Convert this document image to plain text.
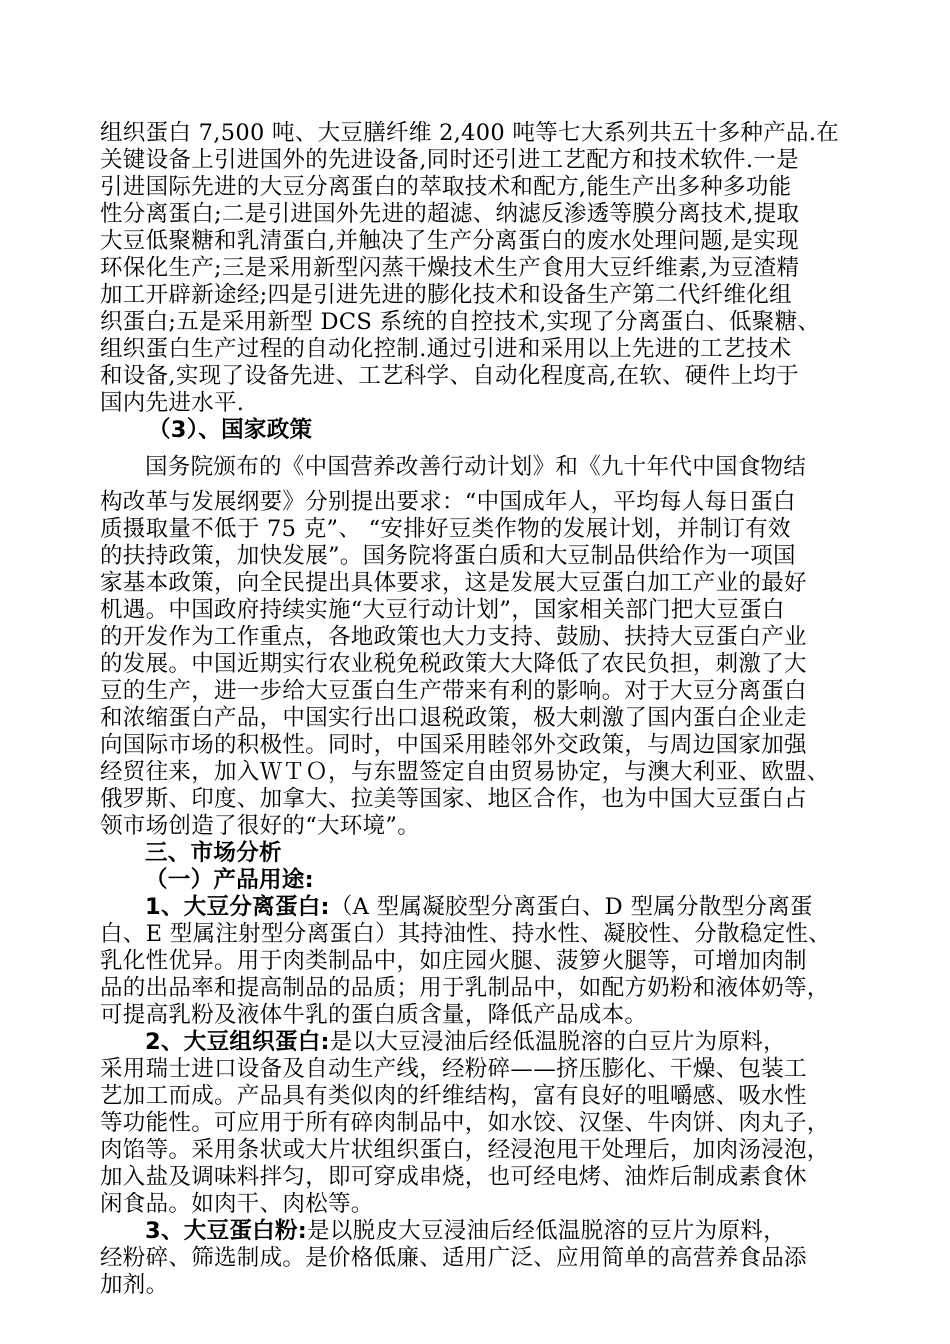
组织蛋白 7,500 吨、大豆膳纤维 2,400 吨等七大系列共五十多种产品.在
关键设备上引进国外的先进设备,同时还引进工艺配方和技术软件.一是
引进国际先进的大豆分离蛋白的萃取技术和配方,能生产出多种多功能
性分离蛋白;二是引进国外先进的超滤、纳滤反渗透等膜分离技术,提取
大豆低聚糖和乳清蛋白,并触决了生产分离蛋白的废水处理问题,是实现
环保化生产;三是采用新型闪蒸干燥技术生产食用大豆纤维素,为豆渣精
加工开辟新途经;四是引进先进的膨化技术和设备生产第二代纤维化组
织蛋白;五是采用新型 DCS 系统的自控技术,实现了分离蛋白、低聚糖、
组织蛋白生产过程的自动化控制.通过引进和采用以上先进的工艺技术
和设备,实现了设备先进、工艺科学、自动化程度高,在软、硬件上均于
国内先进水平.

（3）、国家政策

国务院颁布的《中国营养改善行动计划》和《九十年代中国食物结
构改革与发展纲要》分别提出要求：“中国成年人，平均每人每日蛋白
质摄取量不低于 75 克”、 “安排好豆类作物的发展计划，并制订有效
的扶持政策，加快发展”。国务院将蛋白质和大豆制品供给作为一项国
家基本政策，向全民提出具体要求，这是发展大豆蛋白加工产业的最好
机遇。中国政府持续实施“大豆行动计划”，国家相关部门把大豆蛋白
的开发作为工作重点，各地政策也大力支持、鼓励、扶持大豆蛋白产业
的发展。中国近期实行农业税免税政策大大降低了农民负担，刺激了大
豆的生产，进一步给大豆蛋白生产带来有利的影响。对于大豆分离蛋白
和浓缩蛋白产品，中国实行出口退税政策，极大刺激了国内蛋白企业走
向国际市场的积极性。同时，中国采用睦邻外交政策，与周边国家加强
经贸往来，加入ＷＴＯ，与东盟签定自由贸易协定，与澳大利亚、欧盟、
俄罗斯、印度、加拿大、拉美等国家、地区合作，也为中国大豆蛋白占
领市场创造了很好的“大环境”。

三、市场分析

（一）产品用途:

1、大豆分离蛋白:（A 型属凝胶型分离蛋白、D 型属分散型分离蛋
白、E 型属注射型分离蛋白）其持油性、持水性、凝胶性、分散稳定性、
乳化性优异。用于肉类制品中，如庄园火腿、菠箩火腿等，可增加肉制
品的出品率和提高制品的品质；用于乳制品中，如配方奶粉和液体奶等，
可提高乳粉及液体牛乳的蛋白质含量，降低产品成本。

2、大豆组织蛋白:是以大豆浸油后经低温脱溶的白豆片为原料，
采用瑞士进口设备及自动生产线，经粉碎——挤压膨化、干燥、包装工
艺加工而成。产品具有类似肉的纤维结构，富有良好的咀嚼感、吸水性
等功能性。可应用于所有碎肉制品中，如水饺、汉堡、牛肉饼、肉丸子，
肉馅等。采用条状或大片状组织蛋白，经浸泡甩干处理后，加肉汤浸泡，
加入盐及调味料拌匀，即可穿成串烧，也可经电烤、油炸后制成素食休
闲食品。如肉干、肉松等。

3、大豆蛋白粉:是以脱皮大豆浸油后经低温脱溶的豆片为原料，
经粉碎、筛选制成。是价格低廉、适用广泛、应用简单的高营养食品添
加剂。
